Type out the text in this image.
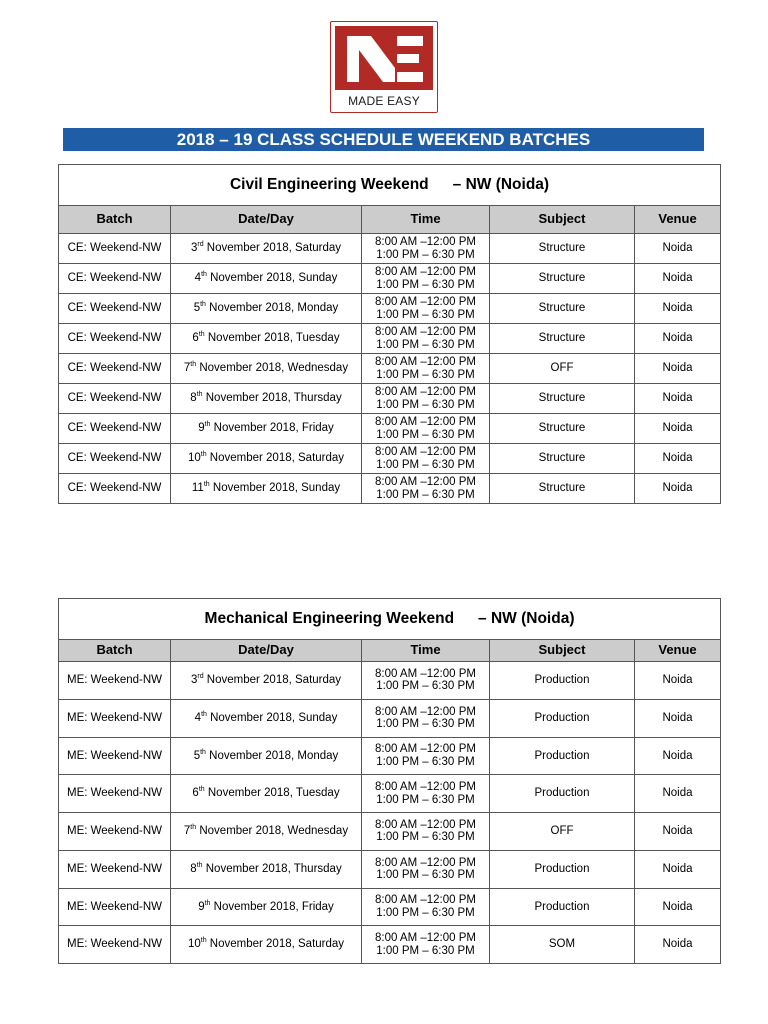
MADE EASY
2018 – 19 CLASS SCHEDULE WEEKEND BATCHES
Civil Engineering Weekend – NW (Noida)				
Batch	Date/Day	Time	Subject	Venue
CE: Weekend-NW	3rd November 2018, Saturday	8:00 AM –12:00 PM
1:00 PM – 6:30 PM	Structure	Noida
CE: Weekend-NW	4th November 2018, Sunday	8:00 AM –12:00 PM
1:00 PM – 6:30 PM	Structure	Noida
CE: Weekend-NW	5th November 2018, Monday	8:00 AM –12:00 PM
1:00 PM – 6:30 PM	Structure	Noida
CE: Weekend-NW	6th November 2018, Tuesday	8:00 AM –12:00 PM
1:00 PM – 6:30 PM	Structure	Noida
CE: Weekend-NW	7th November 2018, Wednesday	8:00 AM –12:00 PM
1:00 PM – 6:30 PM	OFF	Noida
CE: Weekend-NW	8th November 2018, Thursday	8:00 AM –12:00 PM
1:00 PM – 6:30 PM	Structure	Noida
CE: Weekend-NW	9th November 2018, Friday	8:00 AM –12:00 PM
1:00 PM – 6:30 PM	Structure	Noida
CE: Weekend-NW	10th November 2018, Saturday	8:00 AM –12:00 PM
1:00 PM – 6:30 PM	Structure	Noida
CE: Weekend-NW	11th November 2018, Sunday	8:00 AM –12:00 PM
1:00 PM – 6:30 PM	Structure	Noida
Mechanical Engineering Weekend – NW (Noida)				
Batch	Date/Day	Time	Subject	Venue
ME: Weekend-NW	3rd November 2018, Saturday	8:00 AM –12:00 PM
1:00 PM – 6:30 PM	Production	Noida
ME: Weekend-NW	4th November 2018, Sunday	8:00 AM –12:00 PM
1:00 PM – 6:30 PM	Production	Noida
ME: Weekend-NW	5th November 2018, Monday	8:00 AM –12:00 PM
1:00 PM – 6:30 PM	Production	Noida
ME: Weekend-NW	6th November 2018, Tuesday	8:00 AM –12:00 PM
1:00 PM – 6:30 PM	Production	Noida
ME: Weekend-NW	7th November 2018, Wednesday	8:00 AM –12:00 PM
1:00 PM – 6:30 PM	OFF	Noida
ME: Weekend-NW	8th November 2018, Thursday	8:00 AM –12:00 PM
1:00 PM – 6:30 PM	Production	Noida
ME: Weekend-NW	9th November 2018, Friday	8:00 AM –12:00 PM
1:00 PM – 6:30 PM	Production	Noida
ME: Weekend-NW	10th November 2018, Saturday	8:00 AM –12:00 PM
1:00 PM – 6:30 PM	SOM	Noida
